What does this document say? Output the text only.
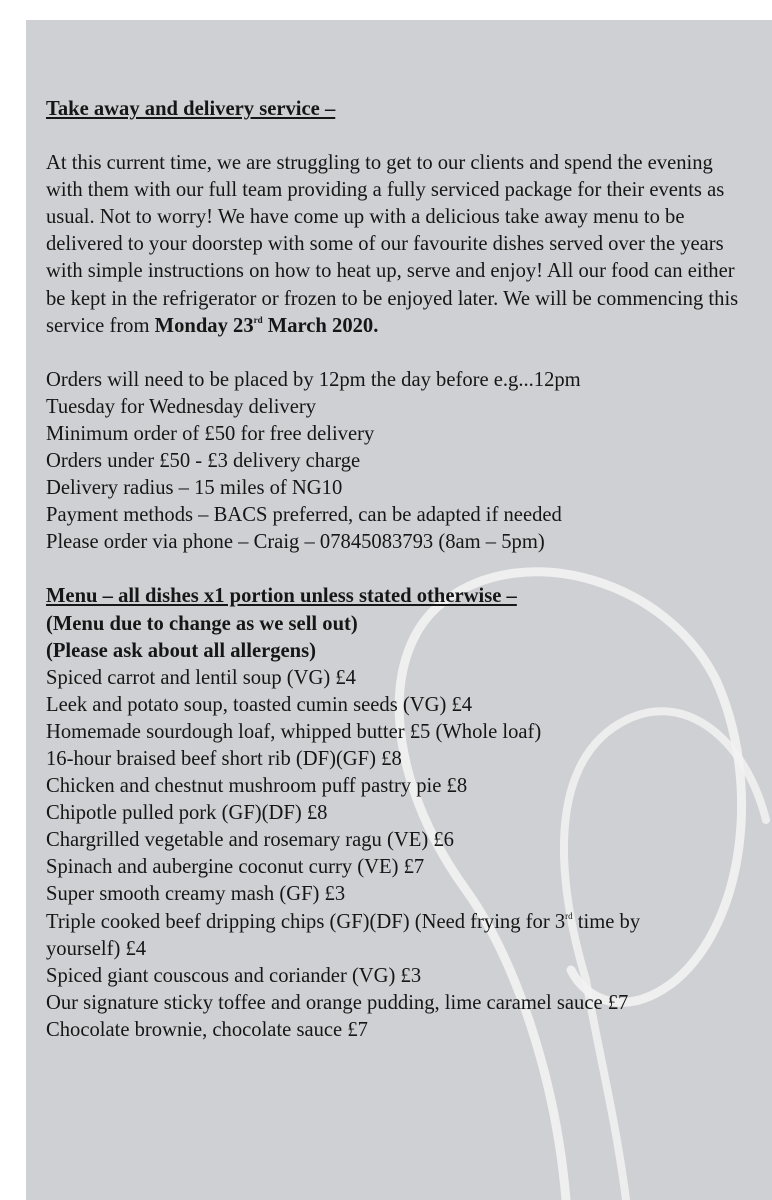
Take away and delivery service –

At this current time, we are struggling to get to our clients and spend the evening with them with our full team providing a fully serviced package for their events as usual. Not to worry! We have come up with a delicious take away menu to be delivered to your doorstep with some of our favourite dishes served over the years with simple instructions on how to heat up, serve and enjoy! All our food can either be kept in the refrigerator or frozen to be enjoyed later. We will be commencing this service from Monday 23rd March 2020.

Orders will need to be placed by 12pm the day before e.g...12pm
Tuesday for Wednesday delivery
Minimum order of £50 for free delivery
Orders under £50 - £3 delivery charge
Delivery radius – 15 miles of NG10
Payment methods – BACS preferred, can be adapted if needed
Please order via phone – Craig – 07845083793 (8am – 5pm)
Menu – all dishes x1 portion unless stated otherwise –
(Menu due to change as we sell out)
(Please ask about all allergens)
Spiced carrot and lentil soup (VG) £4
Leek and potato soup, toasted cumin seeds (VG) £4
Homemade sourdough loaf, whipped butter £5 (Whole loaf)
16-hour braised beef short rib (DF)(GF) £8
Chicken and chestnut mushroom puff pastry pie £8
Chipotle pulled pork (GF)(DF) £8
Chargrilled vegetable and rosemary ragu (VE) £6
Spinach and aubergine coconut curry (VE) £7
Super smooth creamy mash (GF) £3
Triple cooked beef dripping chips (GF)(DF) (Need frying for 3rd time by
yourself) £4
Spiced giant couscous and coriander (VG) £3
Our signature sticky toffee and orange pudding, lime caramel sauce £7
Chocolate brownie, chocolate sauce £7
